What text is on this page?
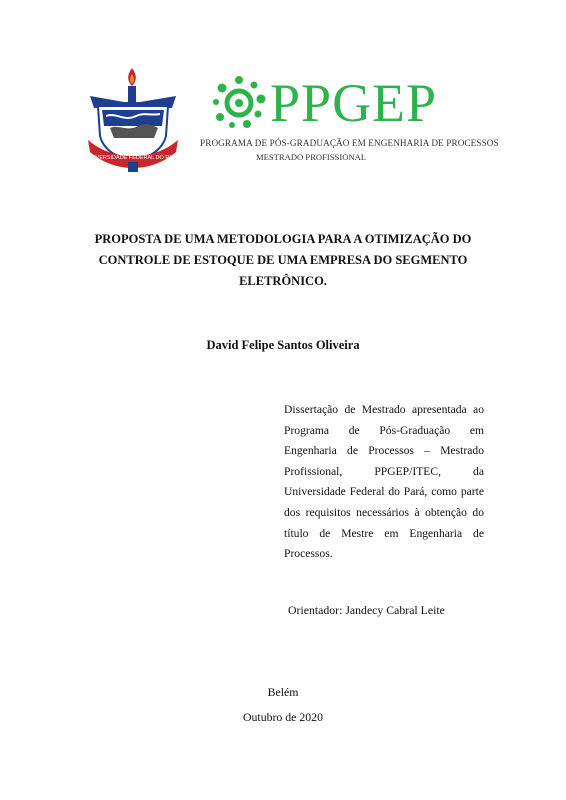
UNIVERSIDADE FEDERAL DO PARÁ
PPGEP
PROGRAMA DE PÓS-GRADUAÇÃO EM ENGENHARIA DE PROCESSOS
MESTRADO PROFISSIONAL
PROPOSTA DE UMA METODOLOGIA PARA A OTIMIZAÇÃO DO
CONTROLE DE ESTOQUE DE UMA EMPRESA DO SEGMENTO
ELETRÔNICO.
David Felipe Santos Oliveira
Dissertação de Mestrado apresentada ao Programa de Pós-Graduação em Engenharia de Processos – Mestrado Profissional, PPGEP/ITEC, da Universidade Federal do Pará, como parte dos requisitos necessários à obtenção do título de Mestre em Engenharia de Processos.
Orientador: Jandecy Cabral Leite
Belém
Outubro de 2020
